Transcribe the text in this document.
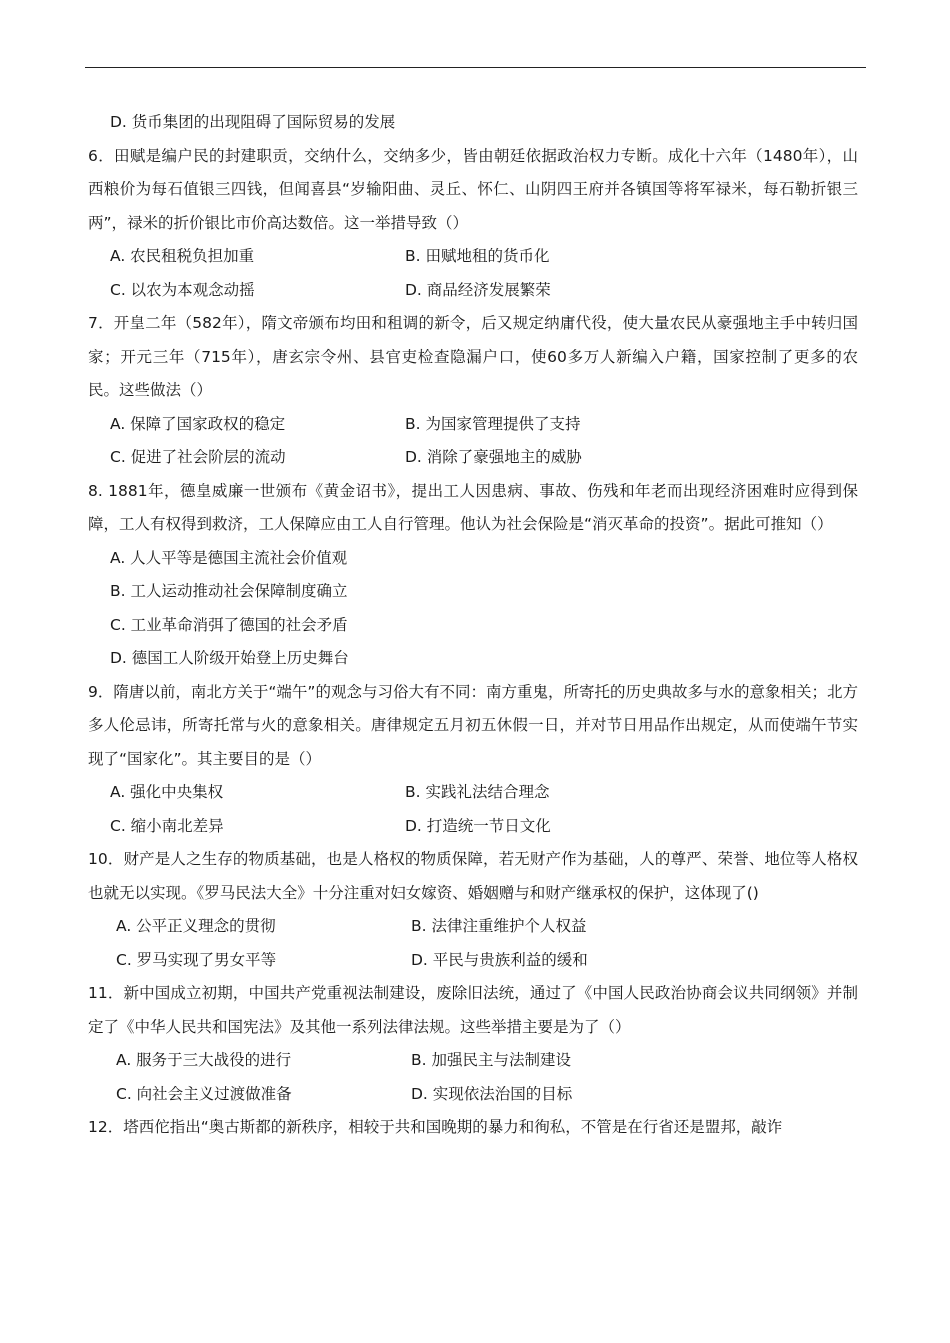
D. 货币集团的出现阻碍了国际贸易的发展

6．田赋是编户民的封建职贡，交纳什么，交纳多少，皆由朝廷依据政治权力专断。成化十六年（1480年），山西粮价为每石值银三四钱，但闻喜县“岁输阳曲、灵丘、怀仁、山阴四王府并各镇国等将军禄米，每石勒折银三两”，禄米的折价银比市价高达数倍。这一举措导致（）

A. 农民租税负担加重	B. 田赋地租的货币化
C. 以农为本观念动摇	D. 商品经济发展繁荣

7．开皇二年（582年），隋文帝颁布均田和租调的新令，后又规定纳庸代役，使大量农民从豪强地主手中转归国家；开元三年（715年），唐玄宗令州、县官吏检查隐漏户口，使60多万人新编入户籍，国家控制了更多的农民。这些做法（）

A. 保障了国家政权的稳定	B. 为国家管理提供了支持
C. 促进了社会阶层的流动	D. 消除了豪强地主的威胁

8. 1881年，德皇威廉一世颁布《黄金诏书》，提出工人因患病、事故、伤残和年老而出现经济困难时应得到保障，工人有权得到救济，工人保障应由工人自行管理。他认为社会保险是“消灭革命的投资”。据此可推知（）

A. 人人平等是德国主流社会价值观
B. 工人运动推动社会保障制度确立
C. 工业革命消弭了德国的社会矛盾
D. 德国工人阶级开始登上历史舞台

9．隋唐以前，南北方关于“端午”的观念与习俗大有不同：南方重鬼，所寄托的历史典故多与水的意象相关；北方多人伦忌讳，所寄托常与火的意象相关。唐律规定五月初五休假一日，并对节日用品作出规定，从而使端午节实现了“国家化”。其主要目的是（）

A. 强化中央集权	B. 实践礼法结合理念
C. 缩小南北差异	D. 打造统一节日文化

10．财产是人之生存的物质基础，也是人格权的物质保障，若无财产作为基础，人的尊严、荣誉、地位等人格权也就无以实现。《罗马民法大全》十分注重对妇女嫁资、婚姻赠与和财产继承权的保护，这体现了()

A. 公平正义理念的贯彻	B. 法律注重维护个人权益
C. 罗马实现了男女平等	D. 平民与贵族利益的缓和

11．新中国成立初期，中国共产党重视法制建设，废除旧法统，通过了《中国人民政治协商会议共同纲领》并制定了《中华人民共和国宪法》及其他一系列法律法规。这些举措主要是为了（）

A. 服务于三大战役的进行	B. 加强民主与法制建设
C. 向社会主义过渡做准备	D. 实现依法治国的目标

12．塔西佗指出“奥古斯都的新秩序，相较于共和国晚期的暴力和徇私，不管是在行省还是盟邦，敲诈
